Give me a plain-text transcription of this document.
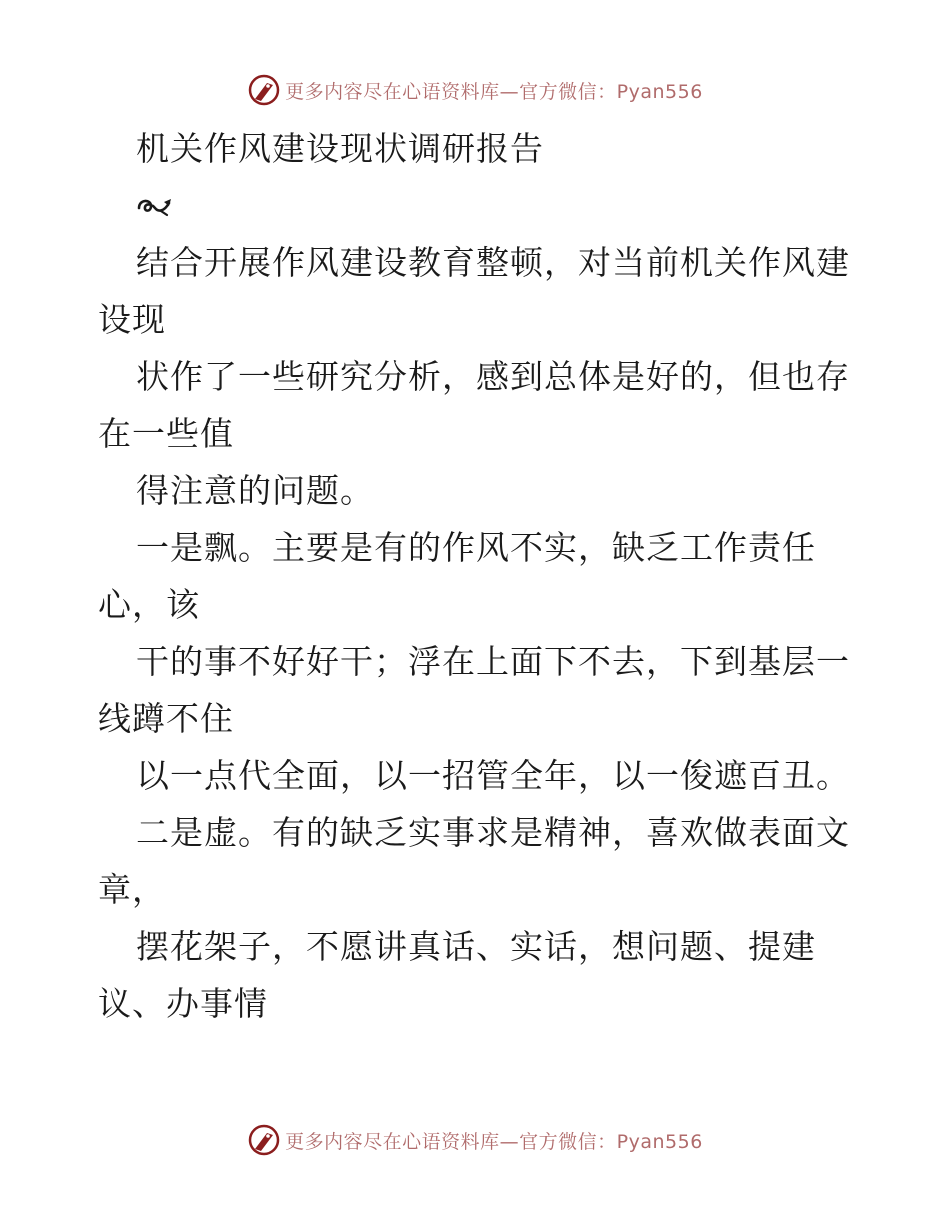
更多内容尽在心语资料库—官方微信：Pyan556
机关作风建设现状调研报告

结合开展作风建设教育整顿，对当前机关作风建

设现

状作了一些研究分析，感到总体是好的，但也存

在一些值

得注意的问题。

一是飘。主要是有的作风不实，缺乏工作责任

心，该

干的事不好好干；浮在上面下不去，下到基层一

线蹲不住

以一点代全面，以一招管全年，以一俊遮百丑。

二是虚。有的缺乏实事求是精神，喜欢做表面文

章，

摆花架子，不愿讲真话、实话，想问题、提建

议、办事情

更多内容尽在心语资料库—官方微信：Pyan556
